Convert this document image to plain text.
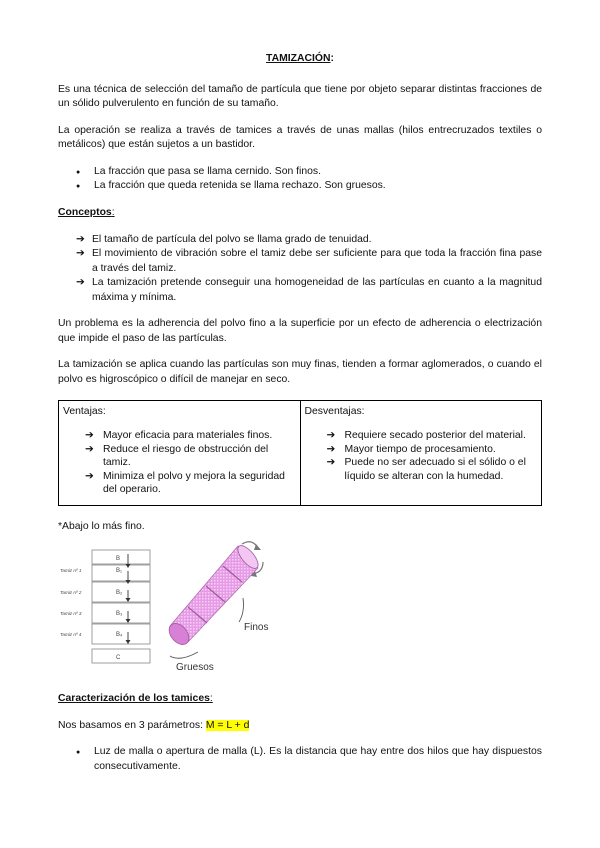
TAMIZACIÓN:

Es una técnica de selección del tamaño de partícula que tiene por objeto separar distintas fracciones de un sólido pulverulento en función de su tamaño.

La operación se realiza a través de tamices a través de unas mallas (hilos entrecruzados textiles o metálicos) que están sujetos a un bastidor.

● La fracción que pasa se llama cernido. Son finos.
● La fracción que queda retenida se llama rechazo. Son gruesos.
Conceptos:
➔ El tamaño de partícula del polvo se llama grado de tenuidad.
➔ El movimiento de vibración sobre el tamiz debe ser suficiente para que toda la fracción fina pase a través del tamiz.
➔ La tamización pretende conseguir una homogeneidad de las partículas en cuanto a la magnitud máxima y mínima.

Un problema es la adherencia del polvo fino a la superficie por un efecto de adherencia o electrización que impide el paso de las partículas.

La tamización se aplica cuando las partículas son muy finas, tienden a formar aglomerados, o cuando el polvo es higroscópico o difícil de manejar en seco.

Ventajas:
➔ Mayor eficacia para materiales finos.
➔ Reduce el riesgo de obstrucción del tamiz.
➔ Minimiza el polvo y mejora la seguridad del operario.

Desventajas:
➔ Requiere secado posterior del material.
➔ Mayor tiempo de procesamiento.
➔ Puede no ser adecuado si el sólido o el líquido se alteran con la humedad.
*Abajo lo más fino.
Tamiz nº 1
Tamiz nº 2
Tamiz nº 3
Tamiz nº 4
B
B₁
B₂
B₃
B₄
C
Finos
Gruesos
Caracterización de los tamices:

Nos basamos en 3 parámetros: M = L + d

● Luz de malla o apertura de malla (L). Es la distancia que hay entre dos hilos que hay dispuestos consecutivamente.
